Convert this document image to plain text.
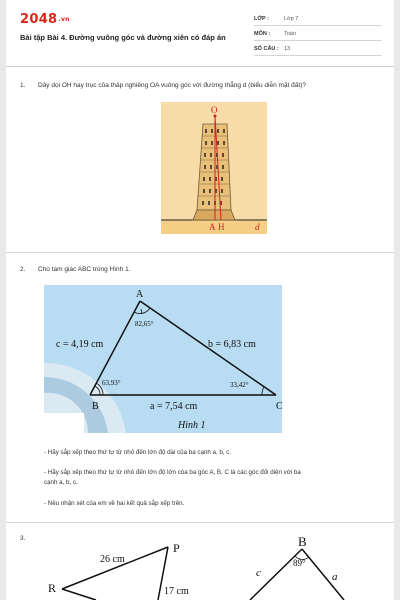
2048.vn
Bài tập Bài 4. Đường vuông góc và đường xiên có đáp án
LỚP :	Lớp 7
MÔN :	Toán
SỐ CÂU : 13
1. Dây dọi OH hay trục của tháp nghiêng OA vuông góc với đường thẳng d (biểu diễn mặt đất)?
O
A H	d
2. Cho tam giác ABC trong Hình 1.
A
B	C
82,65°
63,93°	33,42°
c = 4,19 cm	b = 6,83 cm
a = 7,54 cm
Hình 1
- Hãy sắp xếp theo thứ tự từ nhỏ đến lớn độ dài của ba cạnh a, b, c.
- Hãy sắp xếp theo thứ tự từ nhỏ đến lớn độ lớn của ba góc A, B, C là các góc đối diện với ba
cạnh a, b, c.
- Nêu nhận xét của em về hai kết quả sắp xếp trên.
3.
R
P
26 cm
17 cm
B
89°
c	a
